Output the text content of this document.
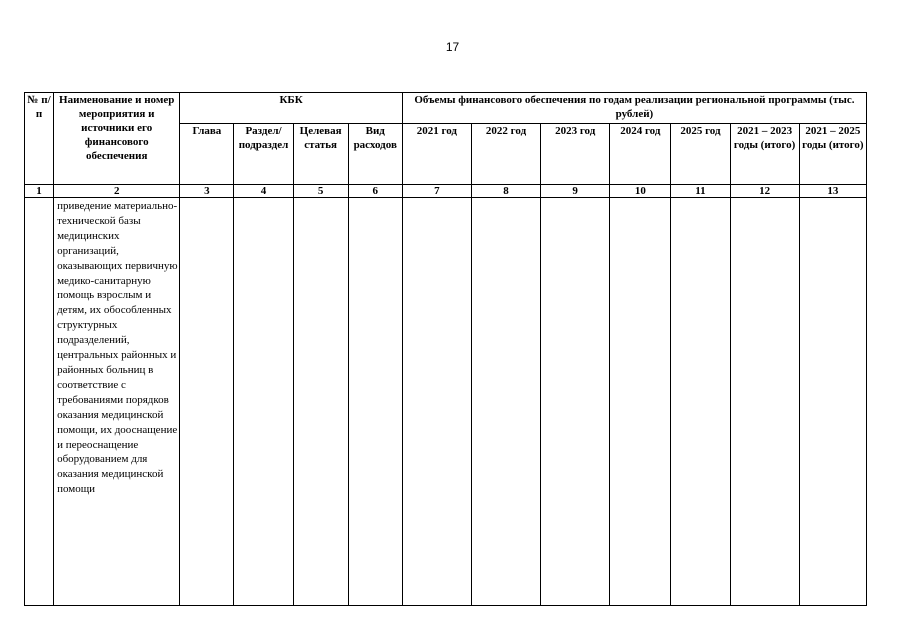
17
№ п/п	Наименование и номер мероприятия и источники его финансового обеспечения	КБК				Объемы финансового обеспечения по годам реализации региональной программы (тыс. рублей)						
		Глава	Раздел/ подраздел	Целевая статья	Вид расходов	2021 год	2022 год	2023 год	2024 год	2025 год	2021 – 2023 годы (итого)	2021 – 2025 годы (итого)
1	2	3	4	5	6	7	8	9	10	11	12	13
	приведение материально-технической базы медицинских организаций, оказывающих первичную медико-санитарную помощь взрослым и детям, их обособленных структурных подразделений, центральных районных и районных больниц в соответствие с требованиями порядков оказания медицинской помощи, их дооснащение и переоснащение оборудованием для оказания медицинской помощи											
